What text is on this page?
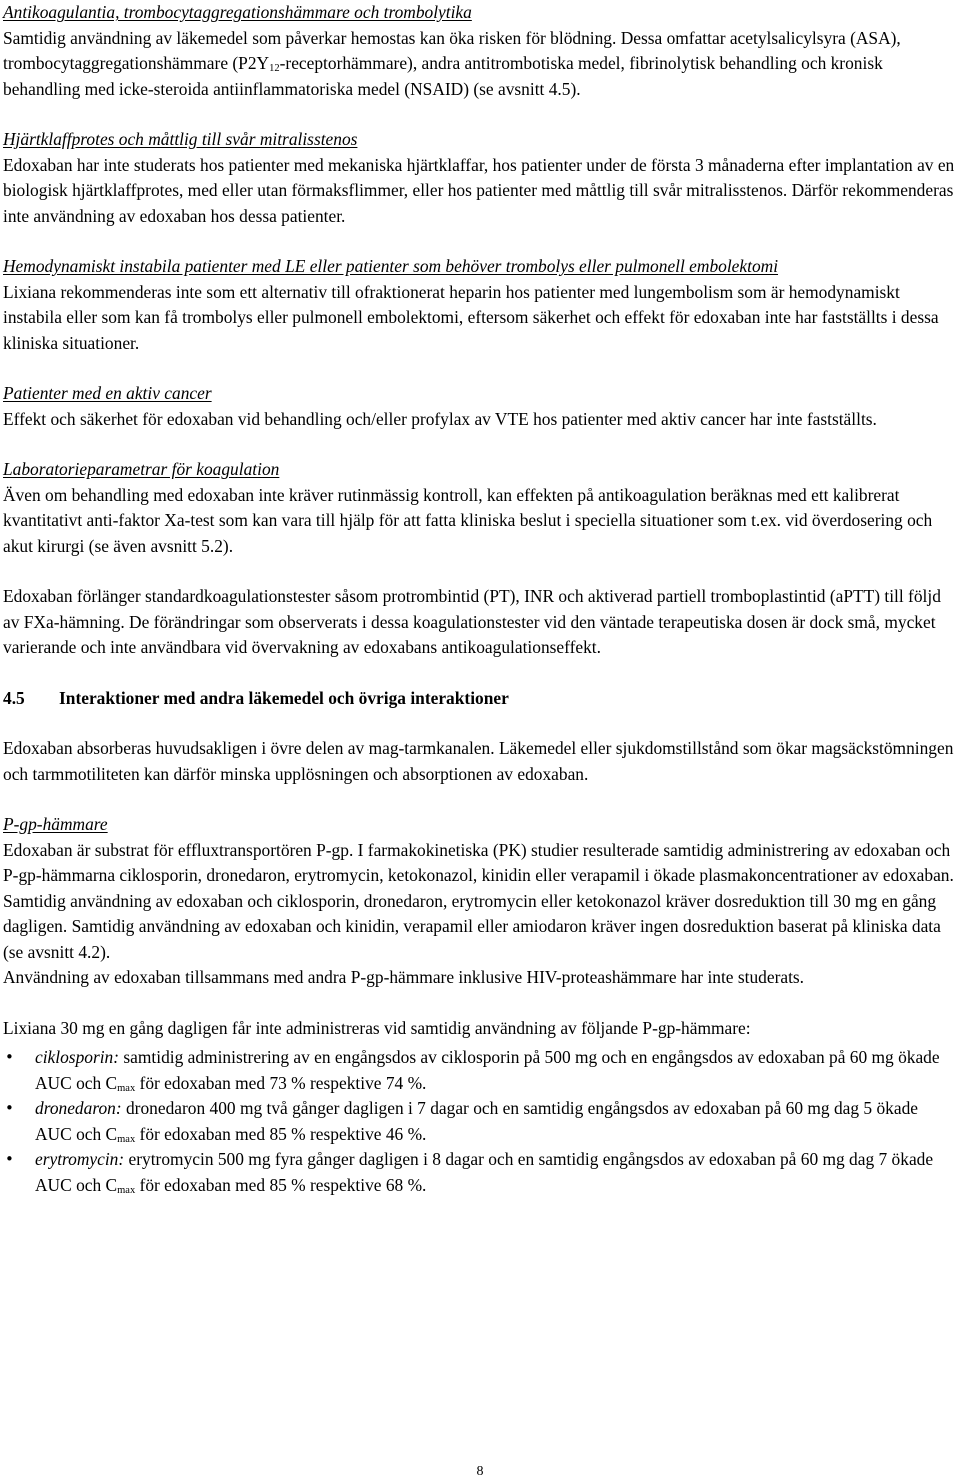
Antikoagulantia, trombocytaggregationshämmare och trombolytika

Samtidig användning av läkemedel som påverkar hemostas kan öka risken för blödning. Dessa omfattar acetylsalicylsyra (ASA), trombocytaggregationshämmare $(P2Y_{12}-receptorhämmare)$, andra antitrombotiska medel, fibrinolytisk behandling och kronisk behandling med icke-steroida antiinflammatoriska medel (NSAID) (se avsnitt 4.5).

Hjärtklaffprotes och måttlig till svår mitralisstenos

Edoxaban har inte studerats hos patienter med mekaniska hjärtklaffar, hos patienter under de första 3 månaderna efter implantation av en biologisk hjärtklaffprotes, med eller utan förmaksflimmer, eller hos patienter med måttlig till svår mitralisstenos. Därför rekommenderas inte användning av edoxaban hos dessa patienter.

Hemodynamiskt instabila patienter med LE eller patienter som behöver trombolys eller pulmonell embolektomi

Lixiana rekommenderas inte som ett alternativ till ofraktionerat heparin hos patienter med lungembolism som är hemodynamiskt instabila eller som kan få trombolys eller pulmonell embolektomi, eftersom säkerhet och effekt för edoxaban inte har fastställts i dessa kliniska situationer.

Patienter med en aktiv cancer

Effekt och säkerhet för edoxaban vid behandling och/eller profylax av VTE hos patienter med aktiv cancer har inte fastställts.

Laboratorieparametrar för koagulation

Även om behandling med edoxaban inte kräver rutinmässig kontroll, kan effekten på antikoagulation beräknas med ett kalibrerat kvantitativt anti-faktor Xa-test som kan vara till hjälp för att fatta kliniska beslut i speciella situationer som t.ex. vid överdosering och akut kirurgi (se även avsnitt 5.2).

Edoxaban förlänger standardkoagulationstester såsom protrombintid (PT), INR och aktiverad partiell tromboplastintid (aPTT) till följd av FXa-hämning. De förändringar som observerats i dessa koagulationstester vid den väntade terapeutiska dosen är dock små, mycket varierande och inte användbara vid övervakning av edoxabans antikoagulationseffekt.

4.5	Interaktioner med andra läkemedel och övriga interaktioner

Edoxaban absorberas huvudsakligen i övre delen av mag-tarmkanalen. Läkemedel eller sjukdomstillstånd som ökar magsäckstömningen och tarmmotiliteten kan därför minska upplösningen och absorptionen av edoxaban.

P-gp-hämmare

Edoxaban är substrat för effluxtransportören P-gp. I farmakokinetiska (PK) studier resulterade samtidig administrering av edoxaban och P-gp-hämmarna ciklosporin, dronedaron, erytromycin, ketokonazol, kinidin eller verapamil i ökade plasmakoncentrationer av edoxaban. Samtidig användning av edoxaban och ciklosporin, dronedaron, erytromycin eller ketokonazol kräver dosreduktion till 30 mg en gång dagligen. Samtidig användning av edoxaban och kinidin, verapamil eller amiodaron kräver ingen dosreduktion baserat på kliniska data (se avsnitt 4.2).

Användning av edoxaban tillsammans med andra P-gp-hämmare inklusive HIV-proteashämmare har inte studerats.

Lixiana 30 mg en gång dagligen får inte administreras vid samtidig användning av följande P-gp-hämmare:

• ciklosporin: samtidig administrering av en engångsdos av ciklosporin på 500 mg och en engångsdos av edoxaban på 60 mg ökade AUC och $C_{max}$ för edoxaban med 73 % respektive 74 %.
• dronedaron: dronedaron 400 mg två gånger dagligen i 7 dagar och en samtidig engångsdos av edoxaban på 60 mg dag 5 ökade AUC och $C_{max}$ för edoxaban med 85 % respektive 46 %.
• erytromycin: erytromycin 500 mg fyra gånger dagligen i 8 dagar och en samtidig engångsdos av edoxaban på 60 mg dag 7 ökade AUC och $C_{max}$ för edoxaban med 85 % respektive 68 %.
8
